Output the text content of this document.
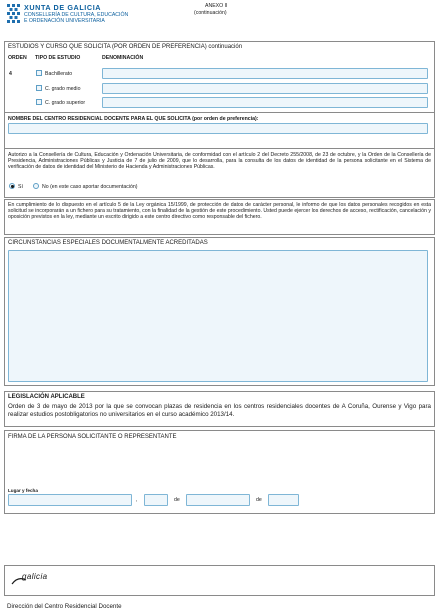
XUNTA DE GALICIA
CONSELLERÍA DE CULTURA, EDUCACIÓN
E ORDENACIÓN UNIVERSITARIA
ANEXO II
(continuación)
ESTUDIOS Y CURSO QUE SOLICITA (POR ORDEN DE PREFERENCIA) continuación
ORDEN TIPO DE ESTUDIO	DENOMINACIÓN
4	Bachillerato
C. grado medio
C. grado superior
NOMBRE DEL CENTRO RESIDENCIAL DOCENTE PARA EL QUE SOLICITA (por orden de preferencia):
Autorizo a la Consellería de Cultura, Educación y Ordenación Universitaria, de conformidad con el artículo 2 del Decreto 255/2008, de 23 de octubre, y la Orden de la Consellería de Presidencia, Administraciones Públicas y Justicia de 7 de julio de 2009, que lo desarrolla, para la consulta de los datos de identidad de la persona solicitante en el Sistema de verificación de datos de identidad del Ministerio de Hacienda y Administraciones Públicas.
Sí	No (en este caso aportar documentación)
En cumplimiento de lo dispuesto en el artículo 5 de la Ley orgánica 15/1999, de protección de datos de carácter personal, le informo de que los datos personales recogidos en esta solicitud se incorporarán a un fichero para su tratamiento, con la finalidad de la gestión de este procedimiento. Usted puede ejercer los derechos de acceso, rectificación, cancelación y oposición previstos en la ley, mediante un escrito dirigido a este centro directivo como responsable del fichero.
CIRCUNSTANCIAS ESPECIALES DOCUMENTALMENTE ACREDITADAS
LEGISLACIÓN APLICABLE
Orden de 3 de mayo de 2013 por la que se convocan plazas de residencia en los centros residenciales docentes de A Coruña, Ourense y Vigo para realizar estudios postobligatorios no universitarios en el curso académico 2013/14.
FIRMA DE LA PERSONA SOLICITANTE O REPRESENTANTE
Lugar y fecha
,	de	de
galicia
Dirección del Centro Residencial Docente
